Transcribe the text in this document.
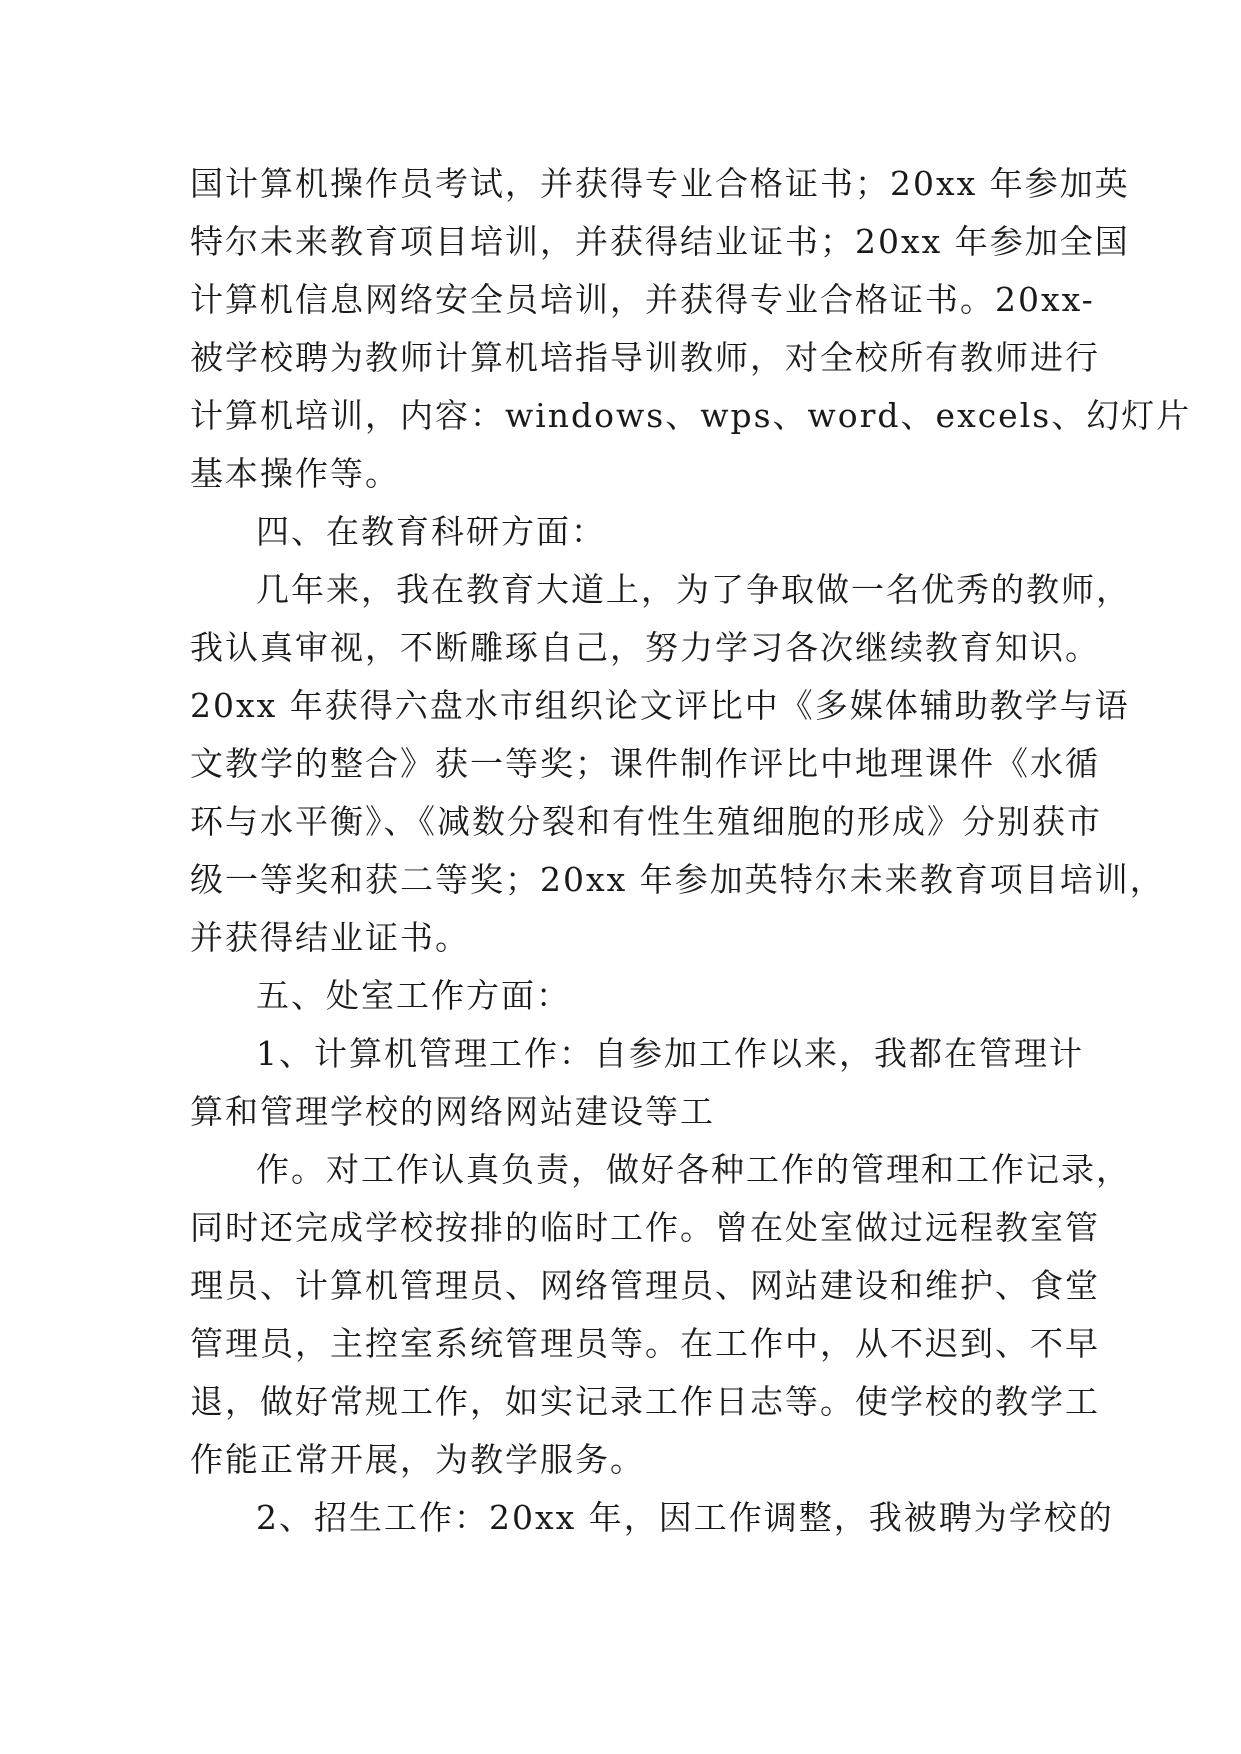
国计算机操作员考试，并获得专业合格证书；20xx 年参加英
特尔未来教育项目培训，并获得结业证书；20xx 年参加全国
计算机信息网络安全员培训，并获得专业合格证书。20xx-
被学校聘为教师计算机培指导训教师，对全校所有教师进行
计算机培训，内容：windows、wps、word、excels、幻灯片
基本操作等。
四、在教育科研方面：
几年来，我在教育大道上，为了争取做一名优秀的教师，
我认真审视，不断雕琢自己，努力学习各次继续教育知识。
20xx 年获得六盘水市组织论文评比中《多媒体辅助教学与语
文教学的整合》获一等奖；课件制作评比中地理课件《水循
环与水平衡》、《减数分裂和有性生殖细胞的形成》分别获市
级一等奖和获二等奖；20xx 年参加英特尔未来教育项目培训，
并获得结业证书。
五、处室工作方面：
1、计算机管理工作：自参加工作以来，我都在管理计
算和管理学校的网络网站建设等工
作。对工作认真负责，做好各种工作的管理和工作记录，
同时还完成学校按排的临时工作。曾在处室做过远程教室管
理员、计算机管理员、网络管理员、网站建设和维护、食堂
管理员，主控室系统管理员等。在工作中，从不迟到、不早
退，做好常规工作，如实记录工作日志等。使学校的教学工
作能正常开展，为教学服务。
2、招生工作：20xx 年，因工作调整，我被聘为学校的
